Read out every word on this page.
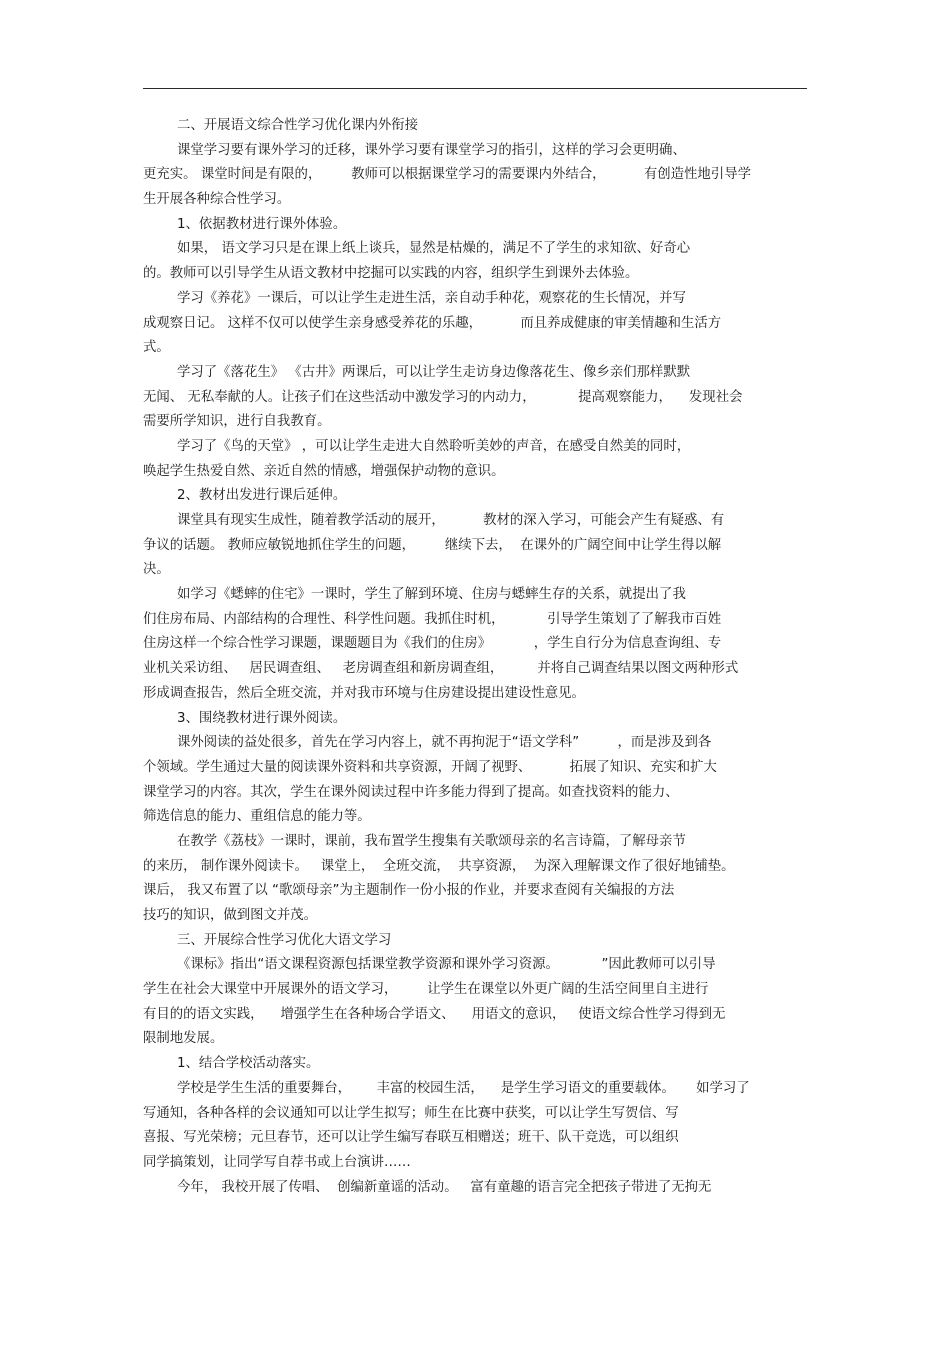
二、开展语文综合性学习优化课内外衔接
课堂学习要有课外学习的迁移，课外学习要有课堂学习的指引，这样的学习会更明确、
更充实。 课堂时间是有限的，       教师可以根据课堂学习的需要课内外结合，         有创造性地引导学
生开展各种综合性学习。
1、依据教材进行课外体验。
如果， 语文学习只是在课上纸上谈兵，显然是枯燥的，满足不了学生的求知欲、好奇心
的。教师可以引导学生从语文教材中挖掘可以实践的内容，组织学生到课外去体验。
学习《养花》一课后，可以让学生走进生活，亲自动手种花，观察花的生长情况，并写
成观察日记。 这样不仅可以使学生亲身感受养花的乐趣，         而且养成健康的审美情趣和生活方
式。
学习了《落花生》 《古井》两课后，可以让学生走访身边像落花生、像乡亲们那样默默
无闻、 无私奉献的人。让孩子们在这些活动中激发学习的内动力，          提高观察能力，    发现社会
需要所学知识，进行自我教育。
学习了《鸟的天堂》 ，可以让学生走进大自然聆听美妙的声音，在感受自然美的同时，
唤起学生热爱自然、亲近自然的情感，增强保护动物的意识。
2、教材出发进行课后延伸。
课堂具有现实生成性，随着教学活动的展开，         教材的深入学习，可能会产生有疑惑、有
争议的话题。 教师应敏锐地抓住学生的问题，       继续下去，  在课外的广阔空间中让学生得以解
决。
如学习《蟋蟀的住宅》一课时，学生了解到环境、住房与蟋蟀生存的关系，就提出了我
们住房布局、内部结构的合理性、科学性问题。我抓住时机，          引导学生策划了了解我市百姓
住房这样一个综合性学习课题，课题题目为《我们的住房》          ，学生自行分为信息查询组、专
业机关采访组、   居民调查组、   老房调查组和新房调查组，        并将自己调查结果以图文两种形式
形成调查报告，然后全班交流，并对我市环境与住房建设提出建设性意见。
3、围绕教材进行课外阅读。
课外阅读的益处很多，首先在学习内容上，就不再拘泥于“语文学科”         ，而是涉及到各
个领域。学生通过大量的阅读课外资料和共享资源，开阔了视野、         拓展了知识、充实和扩大
课堂学习的内容。其次，学生在课外阅读过程中许多能力得到了提高。如查找资料的能力、
筛选信息的能力、重组信息的能力等。
在教学《荔枝》一课时，课前，我布置学生搜集有关歌颂母亲的名言诗篇，了解母亲节
的来历， 制作课外阅读卡。   课堂上，  全班交流，  共享资源，  为深入理解课文作了很好地铺垫。
课后， 我又布置了以 “歌颂母亲”为主题制作一份小报的作业，并要求查阅有关编报的方法
技巧的知识，做到图文并茂。
三、开展综合性学习优化大语文学习
《课标》指出“语文课程资源包括课堂教学资源和课外学习资源。          ”因此教师可以引导
学生在社会大课堂中开展课外的语文学习，       让学生在课堂以外更广阔的生活空间里自主进行
有目的的语文实践，    增强学生在各种场合学语文、    用语文的意识，   使语文综合性学习得到无
限制地发展。
1、结合学校活动落实。
学校是学生生活的重要舞台，      丰富的校园生活，    是学生学习语文的重要载体。     如学习了
写通知，各种各样的会议通知可以让学生拟写；师生在比赛中获奖，可以让学生写贺信、写
喜报、写光荣榜；元旦春节，还可以让学生编写春联互相赠送；班干、队干竞选，可以组织
同学搞策划，让同学写自荐书或上台演讲……
今年， 我校开展了传唱、  创编新童谣的活动。   富有童趣的语言完全把孩子带进了无拘无
